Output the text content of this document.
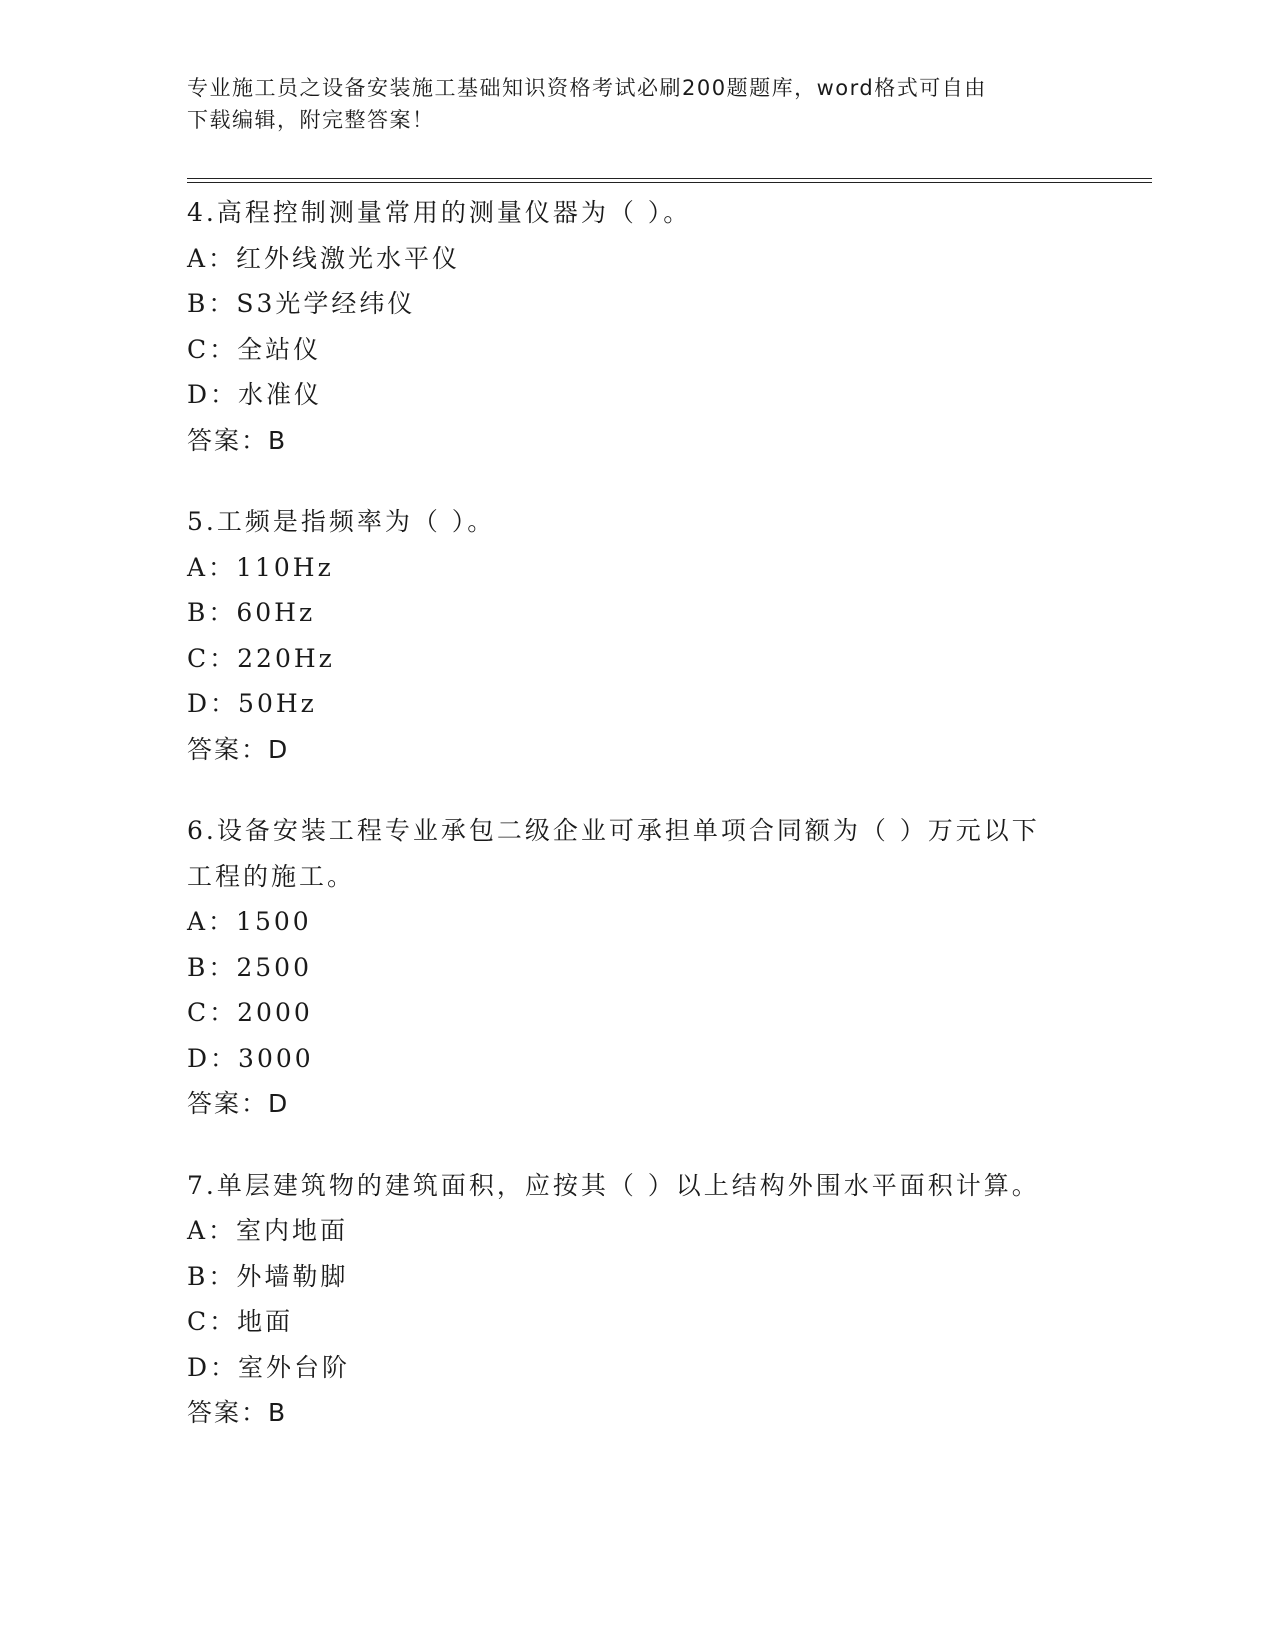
专业施工员之设备安装施工基础知识资格考试必刷200题题库，word格式可自由
下载编辑，附完整答案！
4.高程控制测量常用的测量仪器为（ ）。
A：红外线激光水平仪
B：S3光学经纬仪
C：全站仪
D：水准仪
答案：B
5.工频是指频率为（ ）。
A：110Hz
B：60Hz
C：220Hz
D：50Hz
答案：D
6.设备安装工程专业承包二级企业可承担单项合同额为（ ）万元以下工程的施工。
A：1500
B：2500
C：2000
D：3000
答案：D
7.单层建筑物的建筑面积，应按其（ ）以上结构外围水平面积计算。
A：室内地面
B：外墙勒脚
C：地面
D：室外台阶
答案：B
